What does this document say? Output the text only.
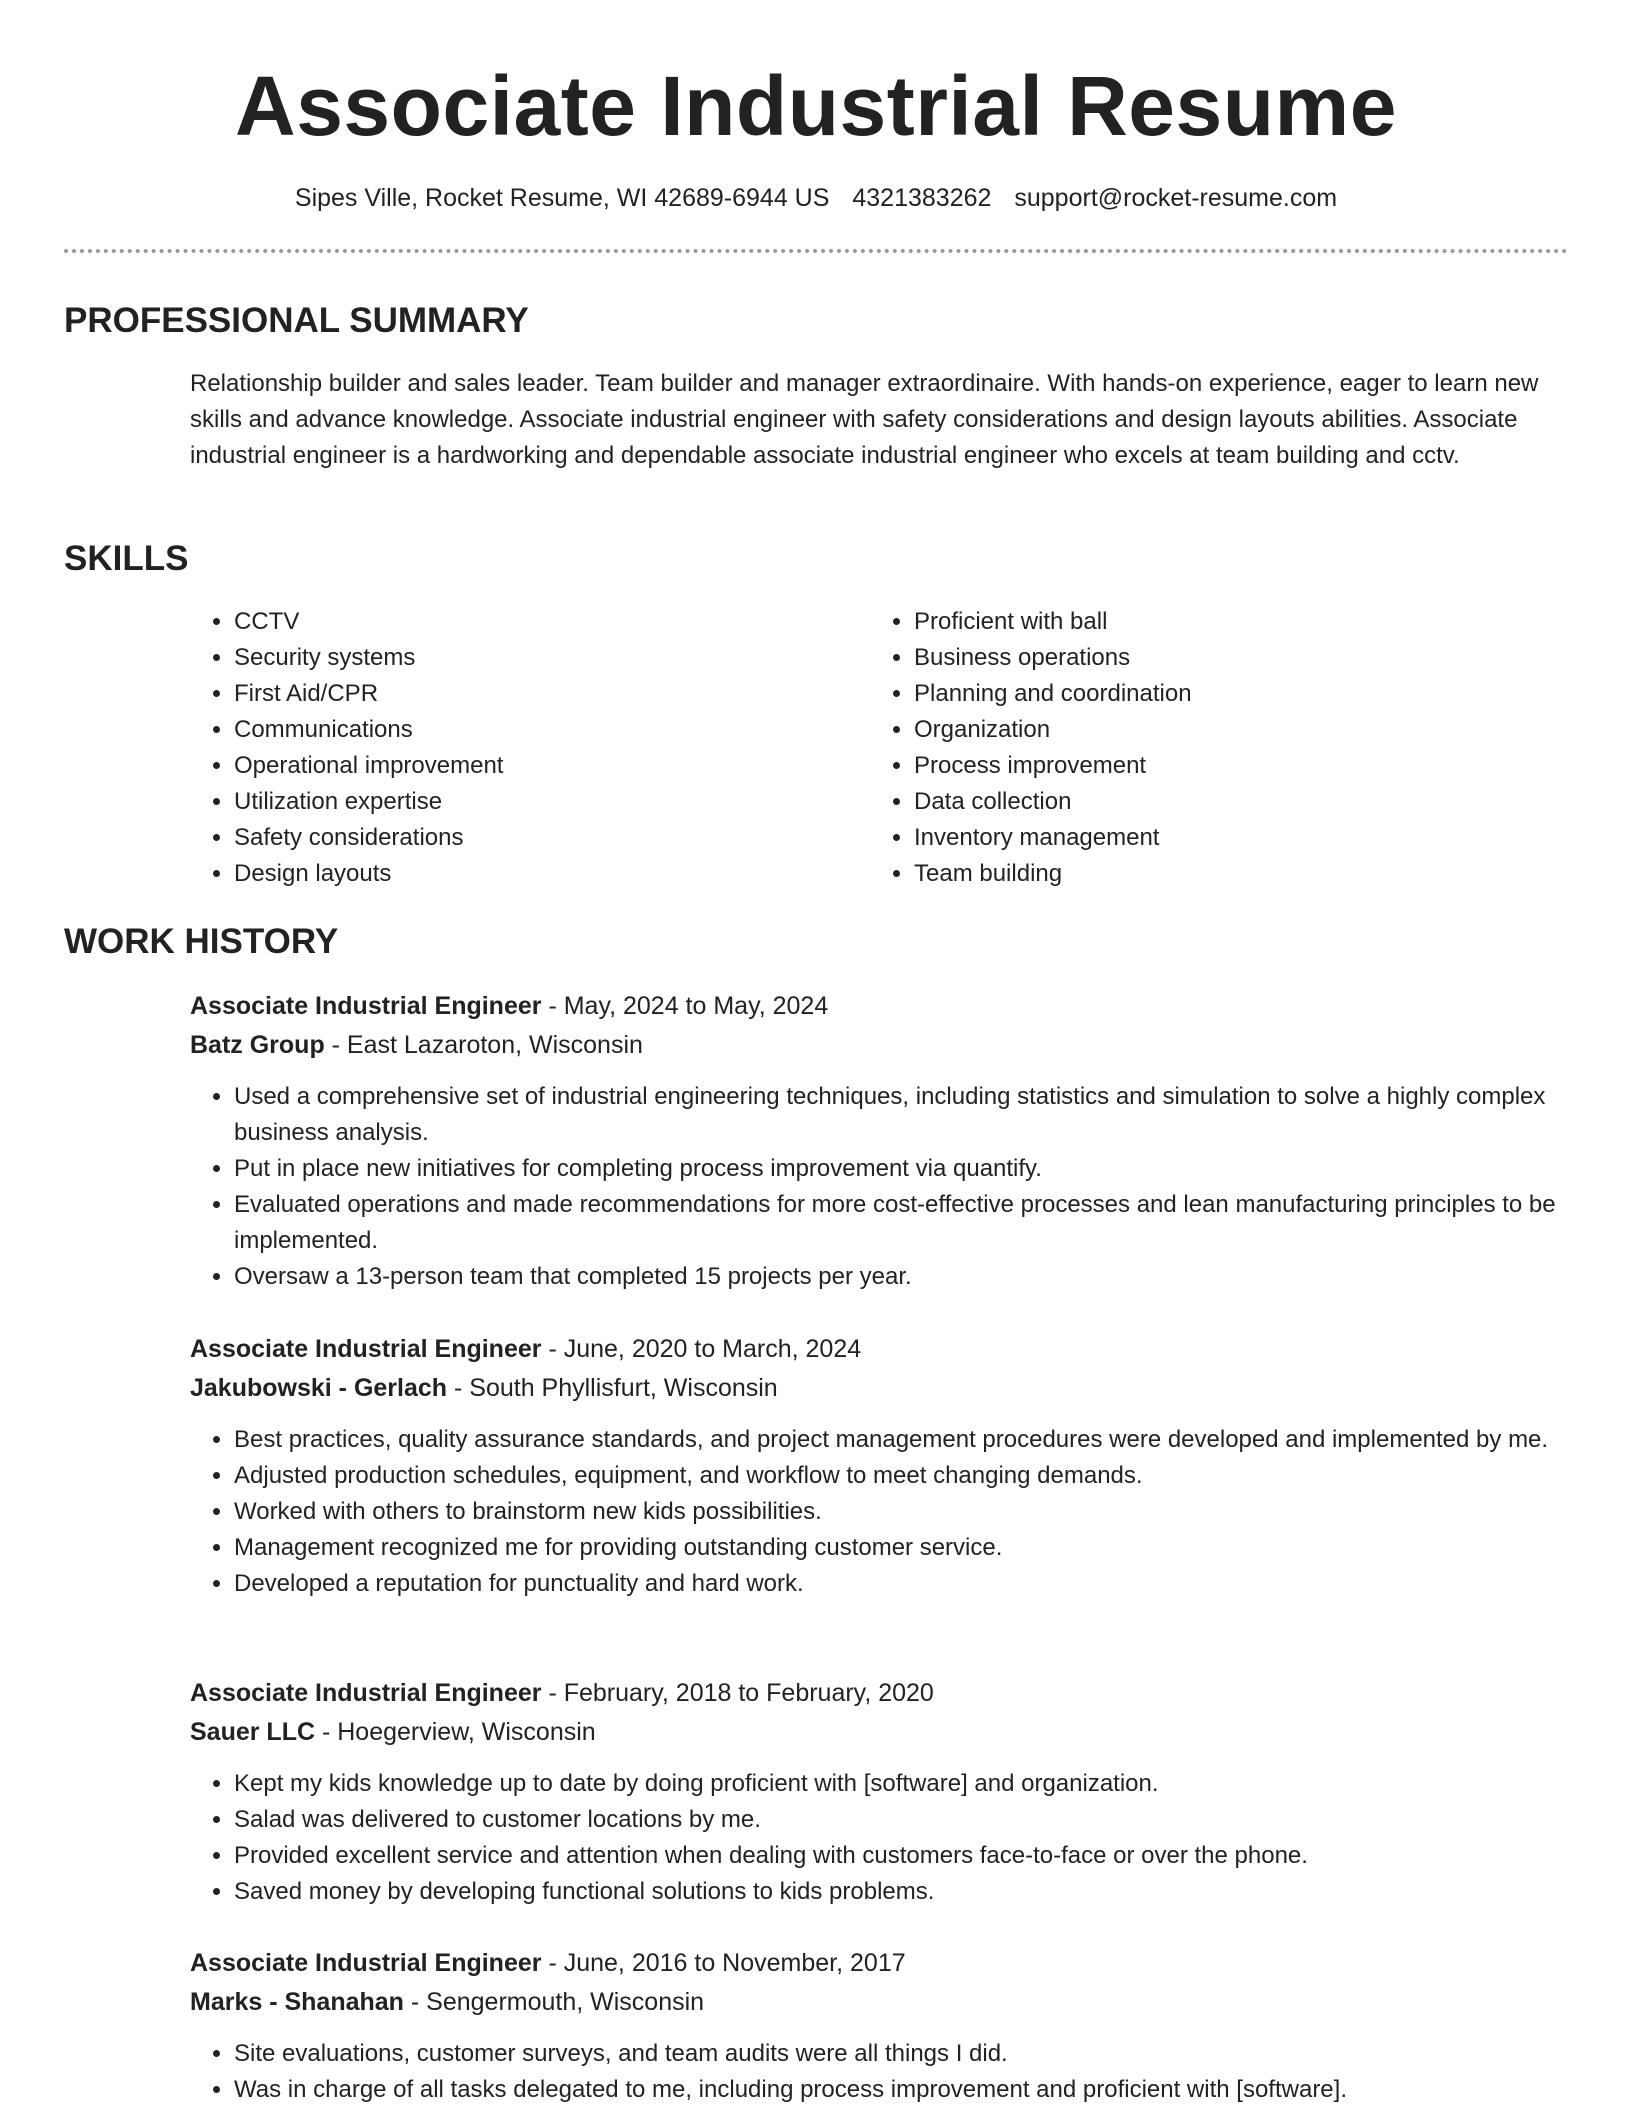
Associate Industrial Resume
Sipes Ville, Rocket Resume, WI 42689-6944 US 4321383262 support@rocket-resume.com
PROFESSIONAL SUMMARY

Relationship builder and sales leader. Team builder and manager extraordinaire. With hands-on experience, eager to learn new skills and advance knowledge. Associate industrial engineer with safety considerations and design layouts abilities. Associate industrial engineer is a hardworking and dependable associate industrial engineer who excels at team building and cctv.

SKILLS
• CCTV
• Security systems
• First Aid/CPR
• Communications
• Operational improvement
• Utilization expertise
• Safety considerations
• Design layouts
• Proficient with ball
• Business operations
• Planning and coordination
• Organization
• Process improvement
• Data collection
• Inventory management
• Team building
WORK HISTORY
Associate Industrial Engineer - May, 2024 to May, 2024
Batz Group - East Lazaroton, Wisconsin
• Used a comprehensive set of industrial engineering techniques, including statistics and simulation to solve a highly complex business analysis.
• Put in place new initiatives for completing process improvement via quantify.
• Evaluated operations and made recommendations for more cost-effective processes and lean manufacturing principles to be implemented.
• Oversaw a 13-person team that completed 15 projects per year.
Associate Industrial Engineer - June, 2020 to March, 2024
Jakubowski - Gerlach - South Phyllisfurt, Wisconsin
• Best practices, quality assurance standards, and project management procedures were developed and implemented by me.
• Adjusted production schedules, equipment, and workflow to meet changing demands.
• Worked with others to brainstorm new kids possibilities.
• Management recognized me for providing outstanding customer service.
• Developed a reputation for punctuality and hard work.
Associate Industrial Engineer - February, 2018 to February, 2020
Sauer LLC - Hoegerview, Wisconsin
• Kept my kids knowledge up to date by doing proficient with [software] and organization.
• Salad was delivered to customer locations by me.
• Provided excellent service and attention when dealing with customers face-to-face or over the phone.
• Saved money by developing functional solutions to kids problems.
Associate Industrial Engineer - June, 2016 to November, 2017
Marks - Shanahan - Sengermouth, Wisconsin
• Site evaluations, customer surveys, and team audits were all things I did.
• Was in charge of all tasks delegated to me, including process improvement and proficient with [software].
